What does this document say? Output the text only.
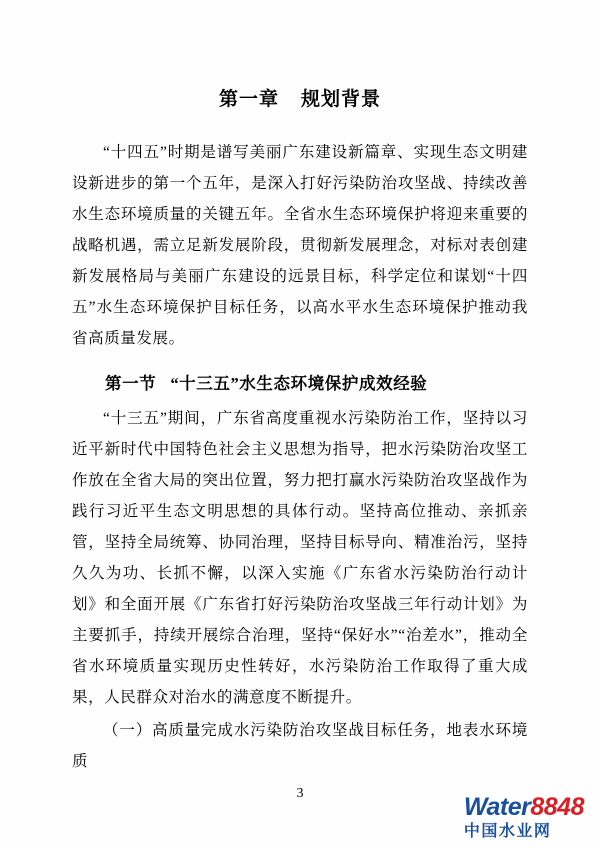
第一章 规划背景

“十四五”时期是谱写美丽广东建设新篇章、实现生态文明建设新进步的第一个五年，是深入打好污染防治攻坚战、持续改善水生态环境质量的关键五年。全省水生态环境保护将迎来重要的战略机遇，需立足新发展阶段，贯彻新发展理念，对标对表创建新发展格局与美丽广东建设的远景目标，科学定位和谋划“十四五”水生态环境保护目标任务，以高水平水生态环境保护推动我省高质量发展。

第一节 “十三五”水生态环境保护成效经验

“十三五”期间，广东省高度重视水污染防治工作，坚持以习近平新时代中国特色社会主义思想为指导，把水污染防治攻坚工作放在全省大局的突出位置，努力把打赢水污染防治攻坚战作为践行习近平生态文明思想的具体行动。坚持高位推动、亲抓亲管，坚持全局统筹、协同治理，坚持目标导向、精准治污，坚持久久为功、长抓不懈，以深入实施《广东省水污染防治行动计划》和全面开展《广东省打好污染防治攻坚战三年行动计划》为主要抓手，持续开展综合治理，坚持“保好水”“治差水”，推动全省水环境质量实现历史性转好，水污染防治工作取得了重大成果，人民群众对治水的满意度不断提升。

（一）高质量完成水污染防治攻坚战目标任务，地表水环境质

3	Water8848
中国水业网
